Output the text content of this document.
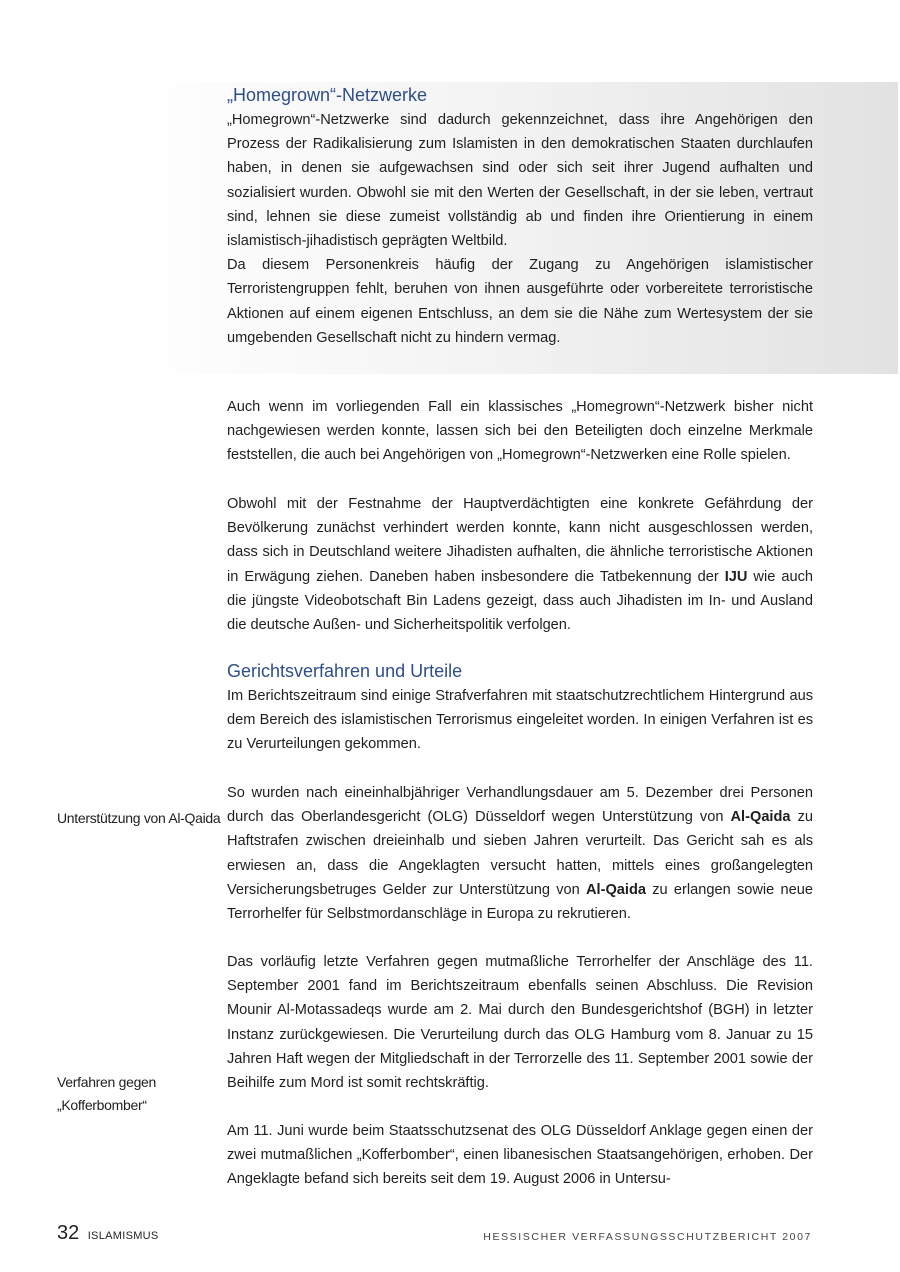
„Homegrown“-Netzwerke

„Homegrown“-Netzwerke sind dadurch gekennzeichnet, dass ihre Angehörigen den Prozess der Radikalisierung zum Islamisten in den demokratischen Staaten durchlaufen haben, in denen sie aufgewachsen sind oder sich seit ihrer Jugend aufhalten und sozialisiert wurden. Obwohl sie mit den Werten der Gesellschaft, in der sie leben, vertraut sind, lehnen sie diese zumeist vollständig ab und finden ihre Orientierung in einem islamistisch-jihadistisch geprägten Weltbild.

Da diesem Personenkreis häufig der Zugang zu Angehörigen islamistischer Terroristengruppen fehlt, beruhen von ihnen ausgeführte oder vorbereitete terroristische Aktionen auf einem eigenen Entschluss, an dem sie die Nähe zum Wertesystem der sie umgebenden Gesellschaft nicht zu hindern vermag.

Auch wenn im vorliegenden Fall ein klassisches „Homegrown“-Netzwerk bisher nicht nachgewiesen werden konnte, lassen sich bei den Beteiligten doch einzelne Merkmale feststellen, die auch bei Angehörigen von „Homegrown“-Netzwerken eine Rolle spielen.

Obwohl mit der Festnahme der Hauptverdächtigten eine konkrete Gefährdung der Bevölkerung zunächst verhindert werden konnte, kann nicht ausgeschlossen werden, dass sich in Deutschland weitere Jihadisten aufhalten, die ähnliche terroristische Aktionen in Erwägung ziehen. Daneben haben insbesondere die Tatbekennung der IJU wie auch die jüngste Videobotschaft Bin Ladens gezeigt, dass auch Jihadisten im In- und Ausland die deutsche Außen- und Sicherheitspolitik verfolgen.

Gerichtsverfahren und Urteile

Im Berichtszeitraum sind einige Strafverfahren mit staatschutzrechtlichem Hintergrund aus dem Bereich des islamistischen Terrorismus eingeleitet worden. In einigen Verfahren ist es zu Verurteilungen gekommen.

So wurden nach eineinhalbjähriger Verhandlungsdauer am 5. Dezember drei Personen durch das Oberlandesgericht (OLG) Düsseldorf wegen Unterstützung von Al-Qaida zu Haftstrafen zwischen dreieinhalb und sieben Jahren verurteilt. Das Gericht sah es als erwiesen an, dass die Angeklagten versucht hatten, mittels eines großangelegten Versicherungsbetruges Gelder zur Unterstützung von Al-Qaida zu erlangen sowie neue Terrorhelfer für Selbstmordanschläge in Europa zu rekrutieren.

Das vorläufig letzte Verfahren gegen mutmaßliche Terrorhelfer der Anschläge des 11. September 2001 fand im Berichtszeitraum ebenfalls seinen Abschluss. Die Revision Mounir Al-Motassadeqs wurde am 2. Mai durch den Bundesgerichtshof (BGH) in letzter Instanz zurückgewiesen. Die Verurteilung durch das OLG Hamburg vom 8. Januar zu 15 Jahren Haft wegen der Mitgliedschaft in der Terrorzelle des 11. September 2001 sowie der Beihilfe zum Mord ist somit rechtskräftig.

Am 11. Juni wurde beim Staatsschutzsenat des OLG Düsseldorf Anklage gegen einen der zwei mutmaßlichen „Kofferbomber“, einen libanesischen Staatsangehörigen, erhoben. Der Angeklagte befand sich bereits seit dem 19. August 2006 in Untersu-

Unterstützung von Al-Qaida
Verfahren gegen
„Kofferbomber“
32 ISLAMISMUS	HESSISCHER VERFASSUNGSSCHUTZBERICHT 2007
